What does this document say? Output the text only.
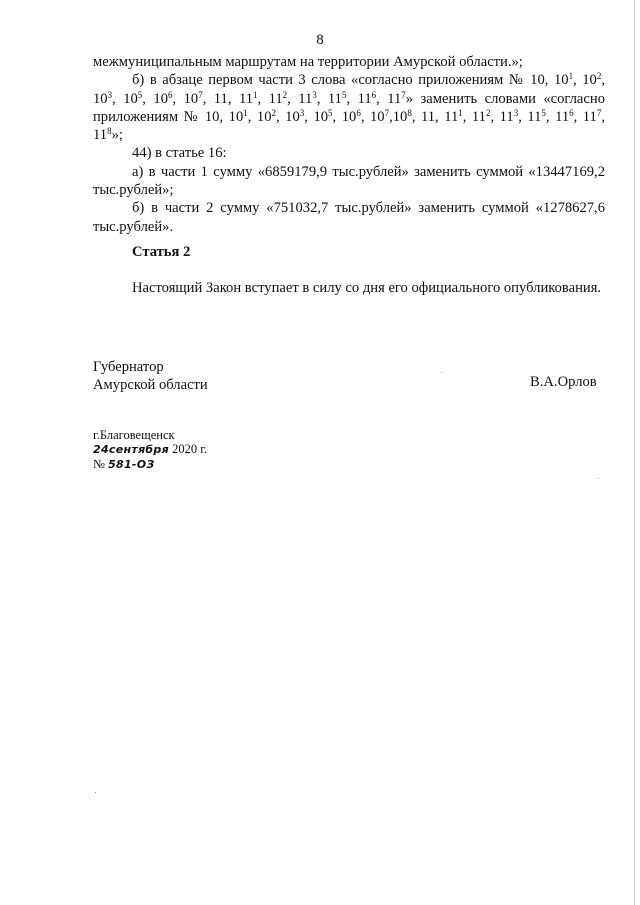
8

межмуниципальным маршрутам на территории Амурской области.»;

б) в абзаце первом части 3 слова «согласно приложениям № 10, $10^1$, $10^2$, $10^3$, $10^5$, $10^6$, $10^7$, 11, $11^1$, $11^2$, $11^3$, $11^5$, $11^6$, $11^7$» заменить словами «согласно приложениям № 10, $10^1$, $10^2$, $10^3$, $10^5$, $10^6$, $10^7,10^8$, 11, $11^1$, $11^2$, $11^3$, $11^5$, $11^6$, $11^7$, $11^8$»;

44) в статье 16:

а) в части 1 сумму «6859179,9 тыс.рублей» заменить суммой «13447169,2 тыс.рублей»;

б) в части 2 сумму «751032,7 тыс.рублей» заменить суммой «1278627,6 тыс.рублей».

Статья 2

Настоящий Закон вступает в силу со дня его официального опубликования.

Губернатор
Амурской области	В.А.Орлов
г.Благовещенск
24сентября 2020 г.
№ 581-ОЗ
